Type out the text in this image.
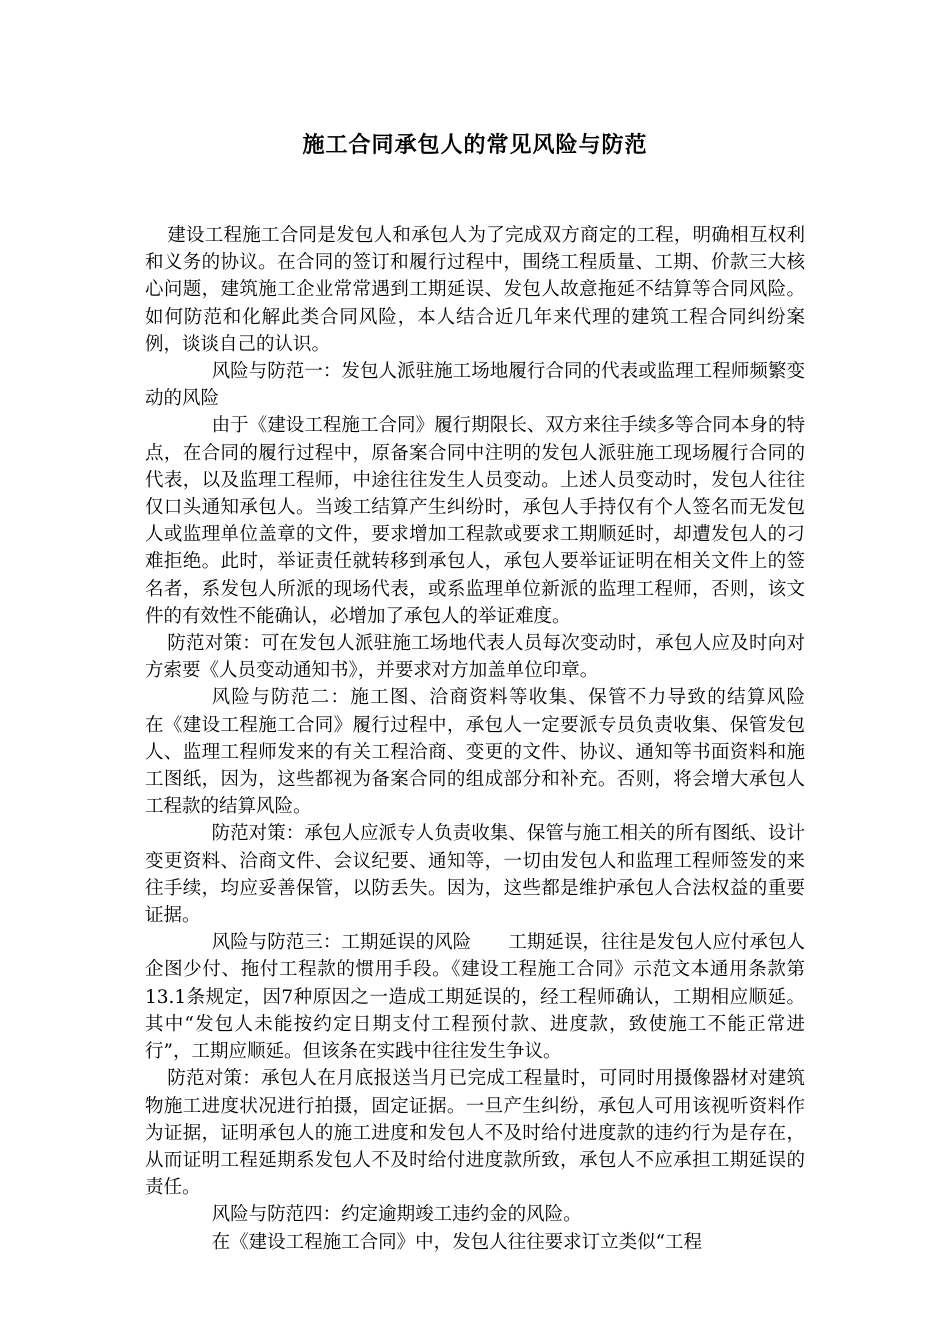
施工合同承包人的常见风险与防范

建设工程施工合同是发包人和承包人为了完成双方商定的工程，明确相互权利和义务的协议。在合同的签订和履行过程中，围绕工程质量、工期、价款三大核心问题，建筑施工企业常常遇到工期延误、发包人故意拖延不结算等合同风险。如何防范和化解此类合同风险，本人结合近几年来代理的建筑工程合同纠纷案例，谈谈自己的认识。

风险与防范一：发包人派驻施工场地履行合同的代表或监理工程师频繁变动的风险

由于《建设工程施工合同》履行期限长、双方来往手续多等合同本身的特点，在合同的履行过程中，原备案合同中注明的发包人派驻施工现场履行合同的代表，以及监理工程师，中途往往发生人员变动。上述人员变动时，发包人往往仅口头通知承包人。当竣工结算产生纠纷时，承包人手持仅有个人签名而无发包人或监理单位盖章的文件，要求增加工程款或要求工期顺延时，却遭发包人的刁难拒绝。此时，举证责任就转移到承包人，承包人要举证证明在相关文件上的签名者，系发包人所派的现场代表，或系监理单位新派的监理工程师，否则，该文件的有效性不能确认，必增加了承包人的举证难度。

防范对策：可在发包人派驻施工场地代表人员每次变动时，承包人应及时向对方索要《人员变动通知书》，并要求对方加盖单位印章。

风险与防范二：施工图、洽商资料等收集、保管不力导致的结算风险　　在《建设工程施工合同》履行过程中，承包人一定要派专员负责收集、保管发包人、监理工程师发来的有关工程洽商、变更的文件、协议、通知等书面资料和施工图纸，因为，这些都视为备案合同的组成部分和补充。否则，将会增大承包人工程款的结算风险。

防范对策：承包人应派专人负责收集、保管与施工相关的所有图纸、设计变更资料、洽商文件、会议纪要、通知等，一切由发包人和监理工程师签发的来往手续，均应妥善保管，以防丢失。因为，这些都是维护承包人合法权益的重要证据。

风险与防范三：工期延误的风险　　工期延误，往往是发包人应付承包人企图少付、拖付工程款的惯用手段。《建设工程施工合同》示范文本通用条款第13.1条规定，因7种原因之一造成工期延误的，经工程师确认，工期相应顺延。其中“发包人未能按约定日期支付工程预付款、进度款，致使施工不能正常进行”，工期应顺延。但该条在实践中往往发生争议。

防范对策：承包人在月底报送当月已完成工程量时，可同时用摄像器材对建筑物施工进度状况进行拍摄，固定证据。一旦产生纠纷，承包人可用该视听资料作为证据，证明承包人的施工进度和发包人不及时给付进度款的违约行为是存在，从而证明工程延期系发包人不及时给付进度款所致，承包人不应承担工期延误的责任。

风险与防范四：约定逾期竣工违约金的风险。

在《建设工程施工合同》中，发包人往往要求订立类似“工程
